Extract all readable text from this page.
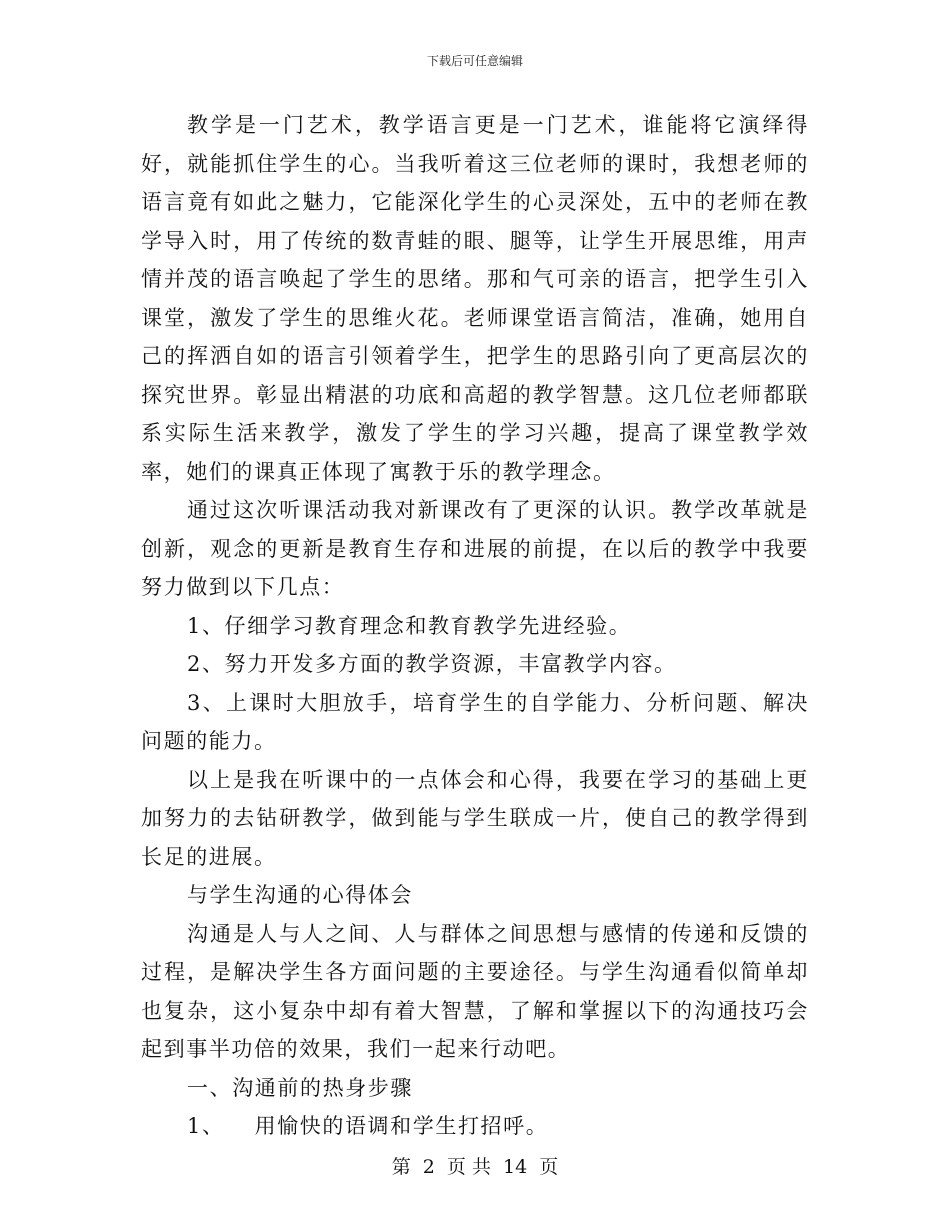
下载后可任意编辑

教学是一门艺术，教学语言更是一门艺术，谁能将它演绎得好，就能抓住学生的心。当我听着这三位老师的课时，我想老师的语言竟有如此之魅力，它能深化学生的心灵深处，五中的老师在教学导入时，用了传统的数青蛙的眼、腿等，让学生开展思维，用声情并茂的语言唤起了学生的思绪。那和气可亲的语言，把学生引入课堂，激发了学生的思维火花。老师课堂语言简洁，准确，她用自己的挥洒自如的语言引领着学生，把学生的思路引向了更高层次的探究世界。彰显出精湛的功底和高超的教学智慧。这几位老师都联系实际生活来教学，激发了学生的学习兴趣，提高了课堂教学效率，她们的课真正体现了寓教于乐的教学理念。

通过这次听课活动我对新课改有了更深的认识。教学改革就是创新，观念的更新是教育生存和进展的前提，在以后的教学中我要努力做到以下几点：

1、仔细学习教育理念和教育教学先进经验。

2、努力开发多方面的教学资源，丰富教学内容。

3、上课时大胆放手，培育学生的自学能力、分析问题、解决问题的能力。

以上是我在听课中的一点体会和心得，我要在学习的基础上更加努力的去钻研教学，做到能与学生联成一片，使自己的教学得到长足的进展。

与学生沟通的心得体会

沟通是人与人之间、人与群体之间思想与感情的传递和反馈的过程，是解决学生各方面问题的主要途径。与学生沟通看似简单却也复杂，这小复杂中却有着大智慧，了解和掌握以下的沟通技巧会起到事半功倍的效果，我们一起来行动吧。

一、沟通前的热身步骤

1、 用愉快的语调和学生打招呼。

第 2 页 共 14 页
